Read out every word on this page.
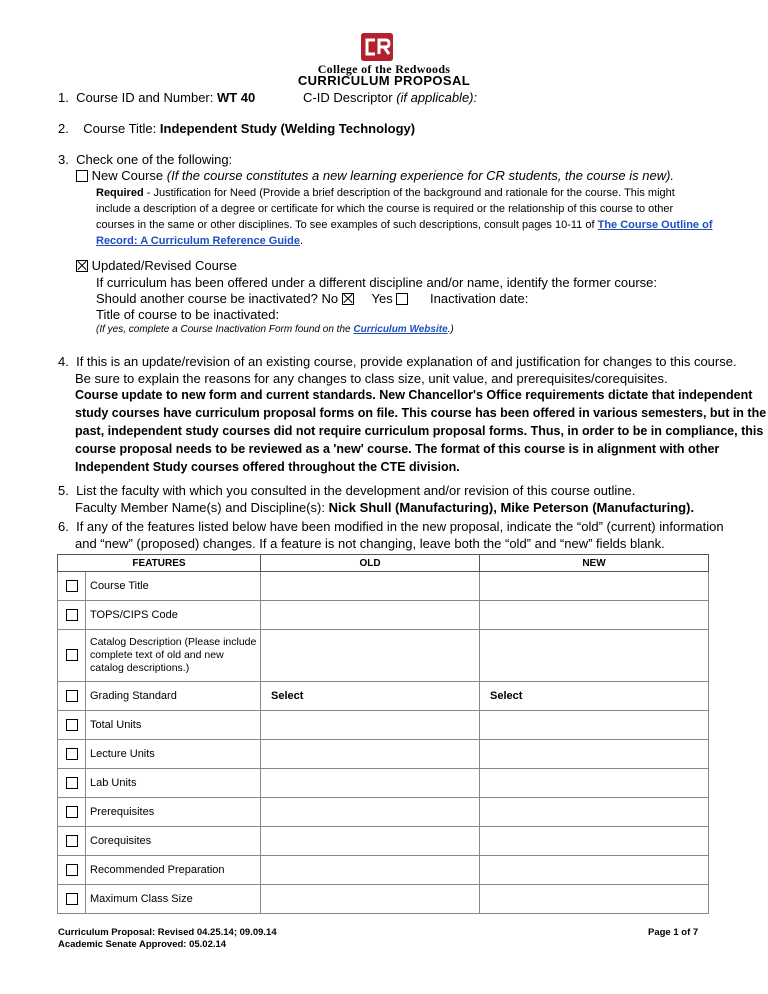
College of the Redwoods
CURRICULUM PROPOSAL
1. Course ID and Number: WT 40	C-ID Descriptor (if applicable):
2. Course Title: Independent Study (Welding Technology)
3. Check one of the following:
New Course (If the course constitutes a new learning experience for CR students, the course is new).
Required - Justification for Need (Provide a brief description of the background and rationale for the course. This might
include a description of a degree or certificate for which the course is required or the relationship of this course to other
courses in the same or other disciplines. To see examples of such descriptions, consult pages 10-11 of The Course Outline of
Record: A Curriculum Reference Guide.
Updated/Revised Course
If curriculum has been offered under a different discipline and/or name, identify the former course:
Should another course be inactivated? No      Yes	Inactivation date:
Title of course to be inactivated:
(If yes, complete a Course Inactivation Form found on the Curriculum Website.)
4. If this is an update/revision of an existing course, provide explanation of and justification for changes to this course.
Be sure to explain the reasons for any changes to class size, unit value, and prerequisites/corequisites.
Course update to new form and current standards. New Chancellor's Office requirements dictate that independent
study courses have curriculum proposal forms on file. This course has been offered in various semesters, but in the
past, independent study courses did not require curriculum proposal forms. Thus, in order to be in compliance, this
course proposal needs to be reviewed as a 'new' course. The format of this course is in alignment with other
Independent Study courses offered throughout the CTE division.
5. List the faculty with which you consulted in the development and/or revision of this course outline.
Faculty Member Name(s) and Discipline(s): Nick Shull (Manufacturing), Mike Peterson (Manufacturing).
6. If any of the features listed below have been modified in the new proposal, indicate the “old” (current) information
and “new” (proposed) changes. If a feature is not changing, leave both the “old” and “new” fields blank.
FEATURES		OLD	NEW
	Course Title		
	TOPS/CIPS Code		
	Catalog Description (Please include complete text of old and new catalog descriptions.)		
	Grading Standard	Select	Select
	Total Units		
	Lecture Units		
	Lab Units		
	Prerequisites		
	Corequisites		
	Recommended Preparation		
	Maximum Class Size		
Curriculum Proposal: Revised 04.25.14; 09.09.14
Academic Senate Approved: 05.02.14
Page 1 of 7
